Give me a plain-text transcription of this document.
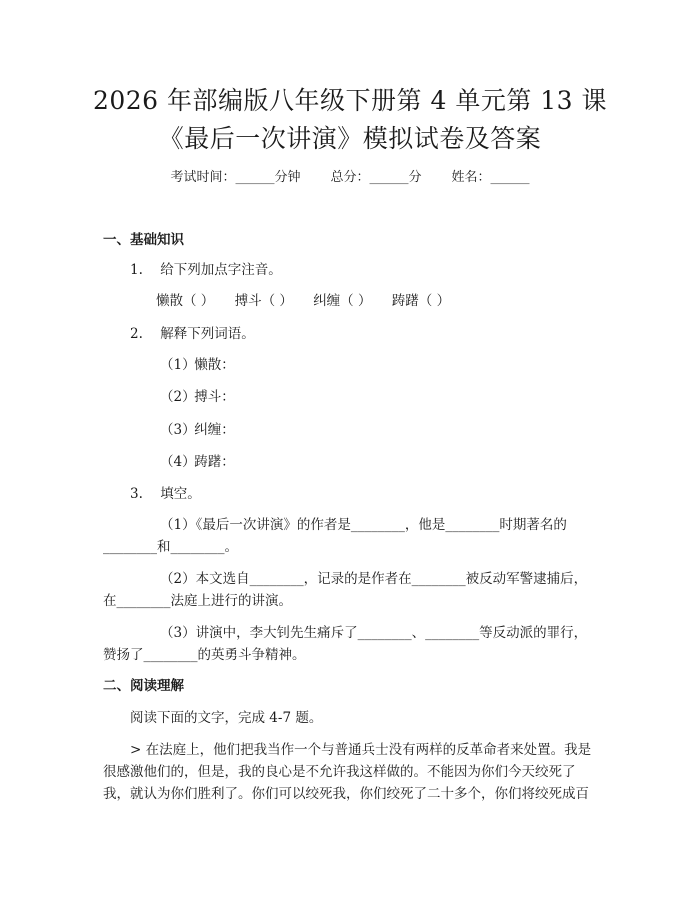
2026 年部编版八年级下册第 4 单元第 13 课
《最后一次讲演》模拟试卷及答案
考试时间：______分钟 总分：______分 姓名：______
一、基础知识
1. 给下列加点字注音。
懒散（ ） 搏斗（ ） 纠缠（ ） 踌躇（ ）
2. 解释下列词语。
（1） 懒散：
（2） 搏斗：
（3） 纠缠：
（4） 踌躇：
3. 填空。
（1）《最后一次讲演》的作者是________，他是________时期著名的
________和________。
（2）本文选自________，记录的是作者在________被反动军警逮捕后，
在________法庭上进行的讲演。
（3）讲演中，李大钊先生痛斥了________、________等反动派的罪行，
赞扬了________的英勇斗争精神。
二、阅读理解
阅读下面的文字，完成 4-7 题。
> 在法庭上，他们把我当作一个与普通兵士没有两样的反革命者来处置。我是
很感激他们的，但是，我的良心是不允许我这样做的。不能因为你们今天绞死了
我，就认为你们胜利了。你们可以绞死我，你们绞死了二十多个，你们将绞死成百
